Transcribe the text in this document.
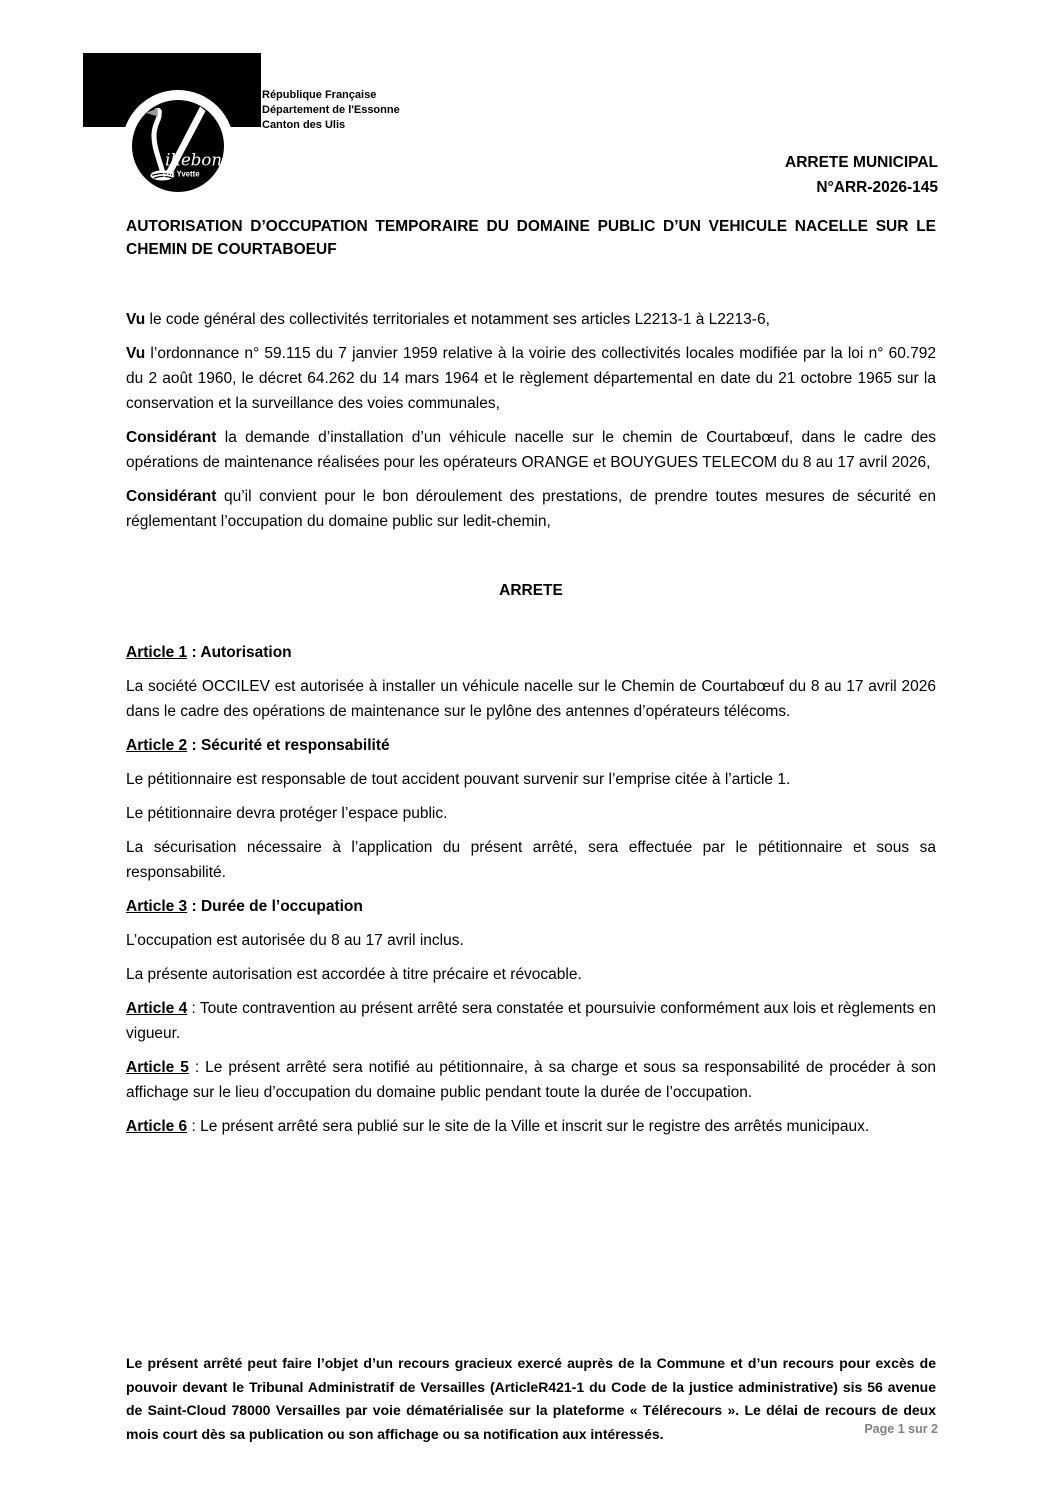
illebon
sur Yvette
République Française
Département de l'Essonne
Canton des Ulis
ARRETE MUNICIPAL
N°ARR-2026-145
AUTORISATION D’OCCUPATION TEMPORAIRE DU DOMAINE PUBLIC D’UN VEHICULE NACELLE SUR LE CHEMIN DE COURTABOEUF

Vu le code général des collectivités territoriales et notamment ses articles L2213-1 à L2213-6,

Vu l’ordonnance n° 59.115 du 7 janvier 1959 relative à la voirie des collectivités locales modifiée par la loi n° 60.792 du 2 août 1960, le décret 64.262 du 14 mars 1964 et le règlement départemental en date du 21 octobre 1965 sur la conservation et la surveillance des voies communales,

Considérant la demande d’installation d’un véhicule nacelle sur le chemin de Courtabœuf, dans le cadre des opérations de maintenance réalisées pour les opérateurs ORANGE et BOUYGUES TELECOM du 8 au 17 avril 2026,

Considérant qu’il convient pour le bon déroulement des prestations, de prendre toutes mesures de sécurité en réglementant l’occupation du domaine public sur ledit-chemin,

ARRETE

Article 1 : Autorisation

La société OCCILEV est autorisée à installer un véhicule nacelle sur le Chemin de Courtabœuf du 8 au 17 avril 2026 dans le cadre des opérations de maintenance sur le pylône des antennes d’opérateurs télécoms.

Article 2 : Sécurité et responsabilité

Le pétitionnaire est responsable de tout accident pouvant survenir sur l’emprise citée à l’article 1.

Le pétitionnaire devra protéger l’espace public.

La sécurisation nécessaire à l’application du présent arrêté, sera effectuée par le pétitionnaire et sous sa responsabilité.

Article 3 : Durée de l’occupation

L’occupation est autorisée du 8 au 17 avril inclus.

La présente autorisation est accordée à titre précaire et révocable.

Article 4 : Toute contravention au présent arrêté sera constatée et poursuivie conformément aux lois et règlements en vigueur.

Article 5 : Le présent arrêté sera notifié au pétitionnaire, à sa charge et sous sa responsabilité de procéder à son affichage sur le lieu d’occupation du domaine public pendant toute la durée de l’occupation.

Article 6 : Le présent arrêté sera publié sur le site de la Ville et inscrit sur le registre des arrêtés municipaux.

Le présent arrêté peut faire l’objet d’un recours gracieux exercé auprès de la Commune et d’un recours pour excès de pouvoir devant le Tribunal Administratif de Versailles (ArticleR421-1 du Code de la justice administrative) sis 56 avenue de Saint-Cloud 78000 Versailles par voie dématérialisée sur la plateforme « Télérecours ». Le délai de recours de deux mois court dès sa publication ou son affichage ou sa notification aux intéressés.	Page 1 sur 2
